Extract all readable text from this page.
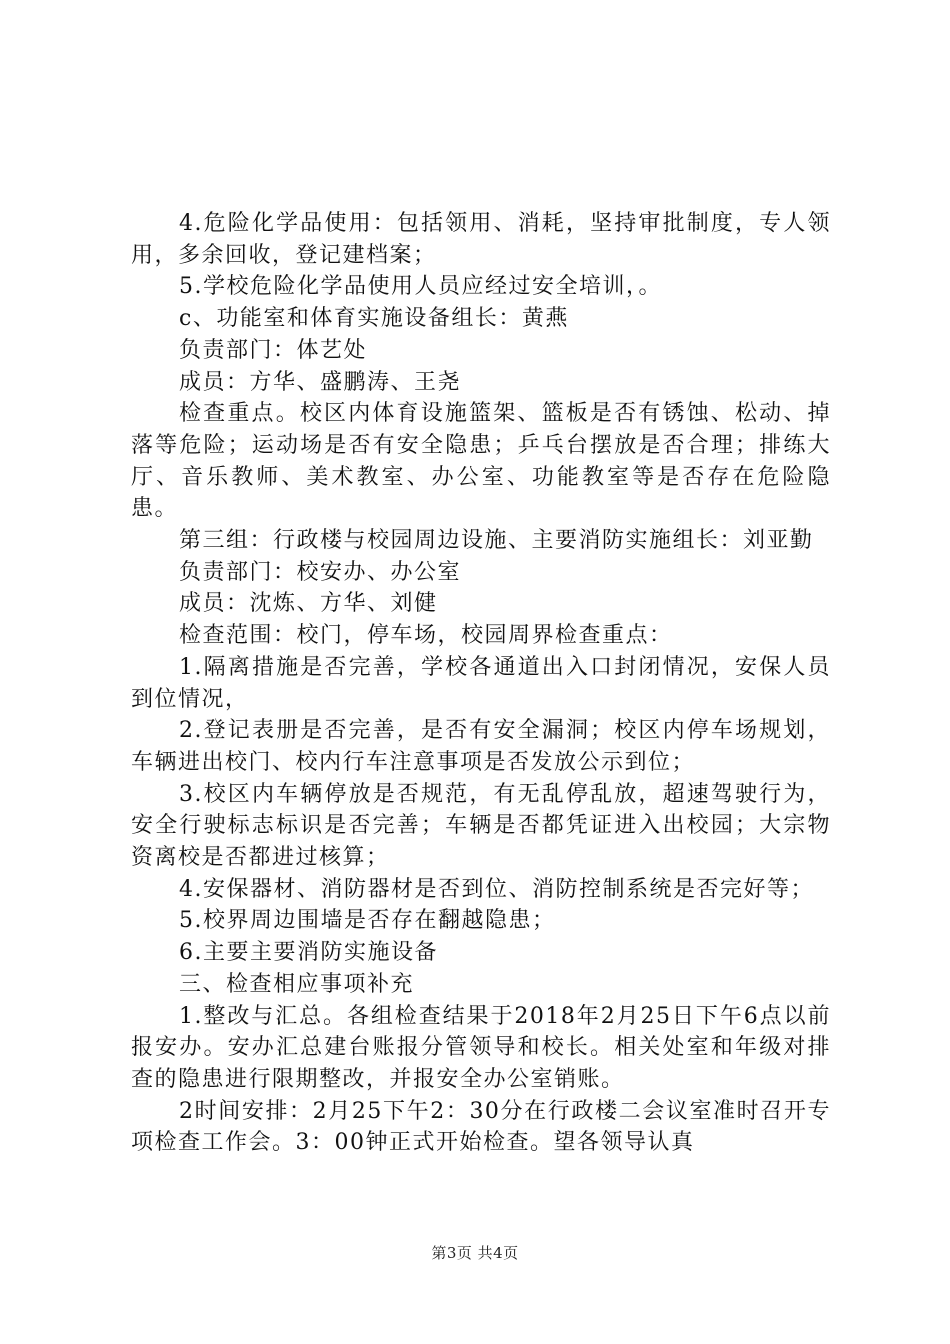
4.危险化学品使用：包括领用、消耗，坚持审批制度，专人领用，多余回收，登记建档案；

5.学校危险化学品使用人员应经过安全培训，。

c、功能室和体育实施设备组长：黄燕

负责部门：体艺处

成员：方华、盛鹏涛、王尧

检查重点。校区内体育设施篮架、篮板是否有锈蚀、松动、掉落等危险；运动场是否有安全隐患；乒乓台摆放是否合理；排练大厅、音乐教师、美术教室、办公室、功能教室等是否存在危险隐患。

第三组：行政楼与校园周边设施、主要消防实施组长：刘亚勤

负责部门：校安办、办公室

成员：沈炼、方华、刘健

检查范围：校门，停车场，校园周界检查重点：

1.隔离措施是否完善，学校各通道出入口封闭情况，安保人员到位情况，

2.登记表册是否完善，是否有安全漏洞；校区内停车场规划，车辆进出校门、校内行车注意事项是否发放公示到位；

3.校区内车辆停放是否规范，有无乱停乱放，超速驾驶行为，安全行驶标志标识是否完善；车辆是否都凭证进入出校园；大宗物资离校是否都进过核算；

4.安保器材、消防器材是否到位、消防控制系统是否完好等；

5.校界周边围墙是否存在翻越隐患；

6.主要主要消防实施设备

三、检查相应事项补充

1.整改与汇总。各组检查结果于2018年2月25日下午6点以前报安办。安办汇总建台账报分管领导和校长。相关处室和年级对排查的隐患进行限期整改，并报安全办公室销账。

2时间安排：2月25下午2：30分在行政楼二会议室准时召开专项检查工作会。3：00钟正式开始检查。望各领导认真

第3页 共4页
